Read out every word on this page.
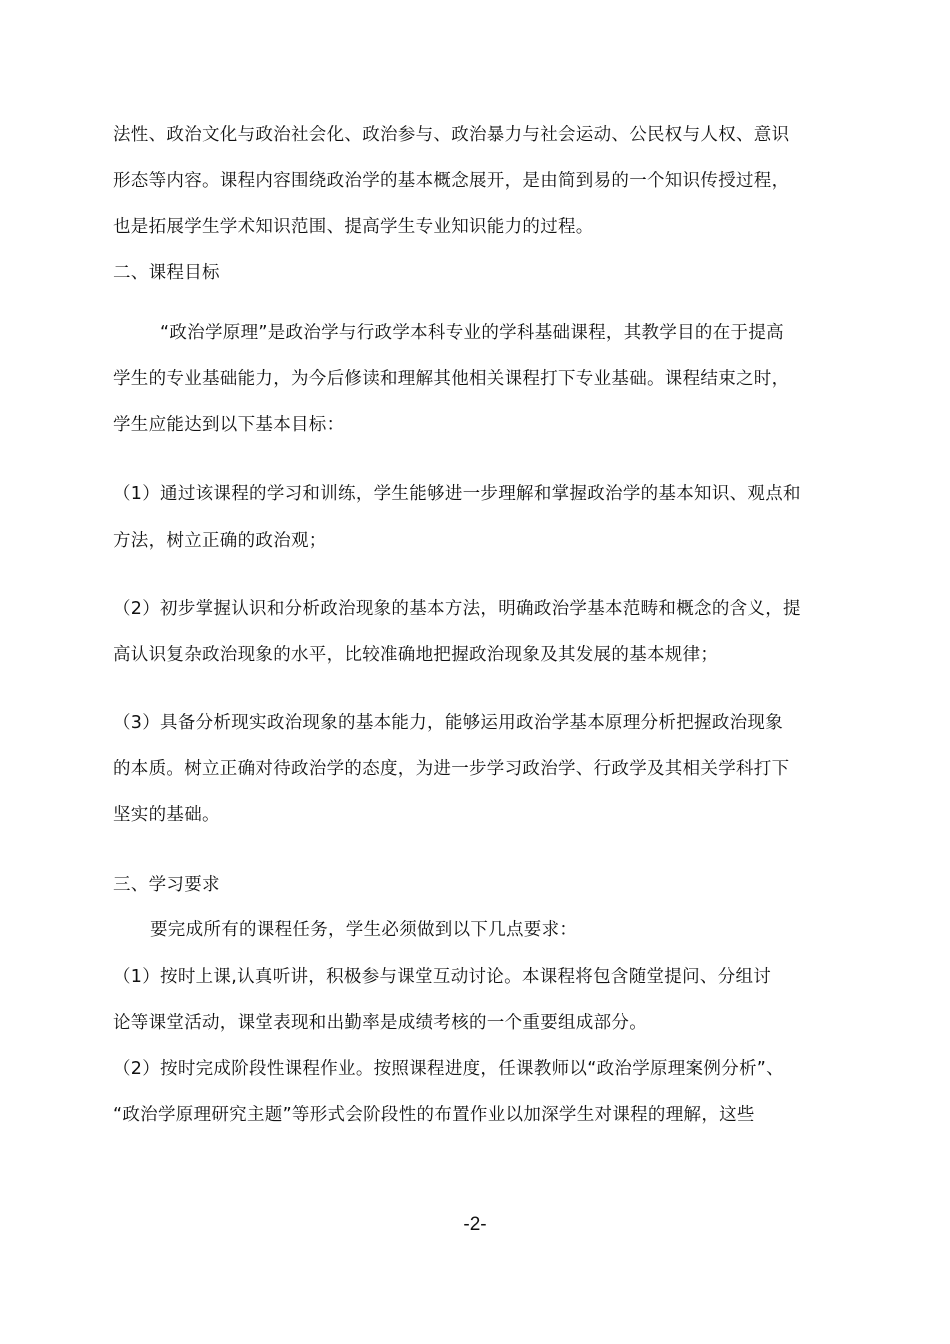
法性、政治文化与政治社会化、政治参与、政治暴力与社会运动、公民权与人权、意识
形态等内容。课程内容围绕政治学的基本概念展开，是由简到易的一个知识传授过程，
也是拓展学生学术知识范围、提高学生专业知识能力的过程。
二、课程目标
“政治学原理”是政治学与行政学本科专业的学科基础课程，其教学目的在于提高
学生的专业基础能力，为今后修读和理解其他相关课程打下专业基础。课程结束之时，
学生应能达到以下基本目标：
（1）通过该课程的学习和训练，学生能够进一步理解和掌握政治学的基本知识、观点和
方法，树立正确的政治观；
（2）初步掌握认识和分析政治现象的基本方法，明确政治学基本范畴和概念的含义，提
高认识复杂政治现象的水平，比较准确地把握政治现象及其发展的基本规律；
（3）具备分析现实政治现象的基本能力，能够运用政治学基本原理分析把握政治现象
的本质。树立正确对待政治学的态度，为进一步学习政治学、行政学及其相关学科打下
坚实的基础。
三、学习要求
要完成所有的课程任务，学生必须做到以下几点要求：
（1）按时上课,认真听讲，积极参与课堂互动讨论。本课程将包含随堂提问、分组讨
论等课堂活动，课堂表现和出勤率是成绩考核的一个重要组成部分。
（2）按时完成阶段性课程作业。按照课程进度，任课教师以“政治学原理案例分析”、
“政治学原理研究主题”等形式会阶段性的布置作业以加深学生对课程的理解，这些
-2-
